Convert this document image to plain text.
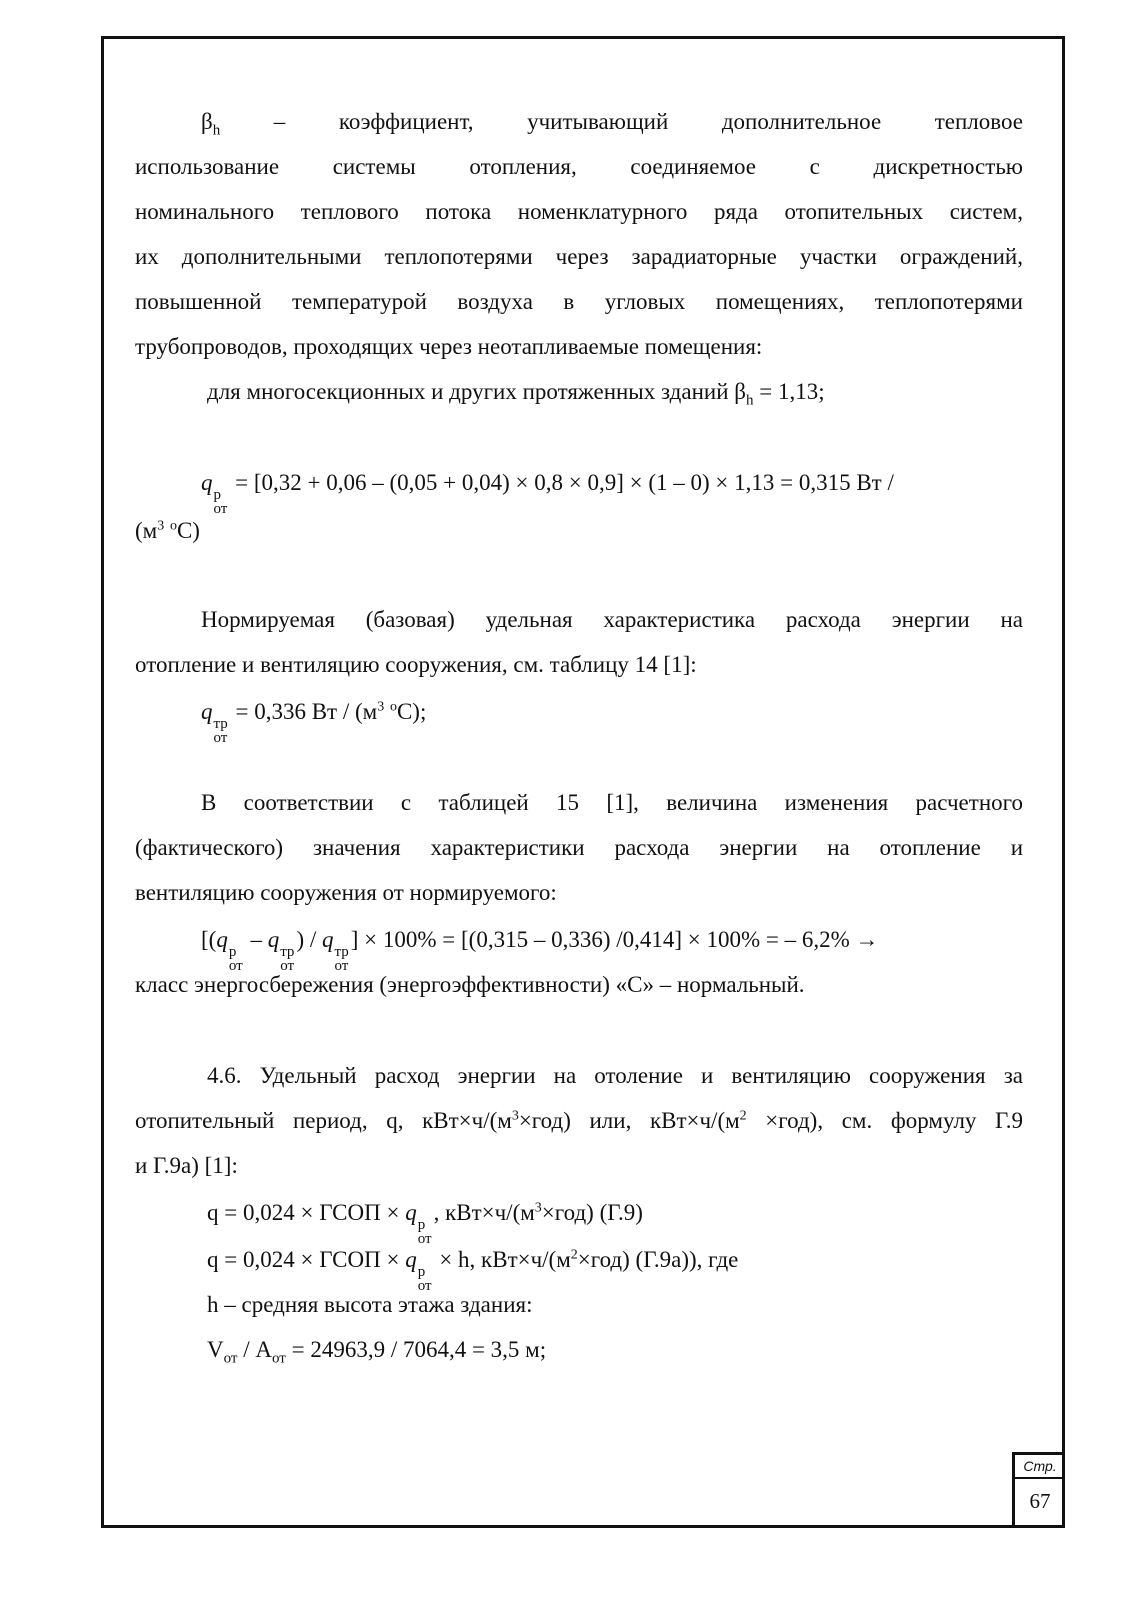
$\beta_h$ – коэффициент, учитывающий дополнительное тепловое
использование системы отопления, соединяемое с дискретностью
номинального теплового потока номенклатурного ряда отопительных систем,
их дополнительными теплопотерями через зарадиаторные участки ограждений,
повышенной температурой воздуха в угловых помещениях, теплопотерями
трубопроводов, проходящих через неотапливаемые помещения:
для многосекционных и других протяженных зданий $\beta_h = 1,13$;
q р
от
= [0,32 + 0,06 – (0,05 + 0,04) × 0,8 × 0,9] × (1 – 0) × 1,13 = 0,315 Вт /
($м^3$ $^о$С)
Нормируемая (базовая) удельная характеристика расхода энергии на
отопление и вентиляцию сооружения, см. таблицу 14 [1]:
q тр
от
= 0,336 Вт / ($м^3$ $^о$С);
В соответствии с таблицей 15 [1], величина изменения расчетного
(фактического) значения характеристики расхода энергии на отопление и
вентиляцию сооружения от нормируемого:
[(q р
от
– q тр
от
) / q тр
от
] × 100% = [(0,315 – 0,336) /0,414] × 100% = – 6,2% →
класс энергосбережения (энергоэффективности) «С» – нормальный.
4.6. Удельный расход энергии на отоление и вентиляцию сооружения за
отопительный период, q, $кВт\times ч/(м^3\times год)$ или, $кВт\times ч/(м^2 \times год)$, см. формулу Г.9
и Г.9а) [1]:
q = 0,024 × ГСОП × q р
от
, $кВт\times ч/(м^3\times год)$ (Г.9)
q = 0,024 × ГСОП × q р
от
× h, $кВт\times ч/(м^2\times год)$ (Г.9а)), где
h – средняя высота этажа здания:
$V_{от} / A_{от} = 24963,9 / 7064,4 = 3,5$ м;
Стр.
67
